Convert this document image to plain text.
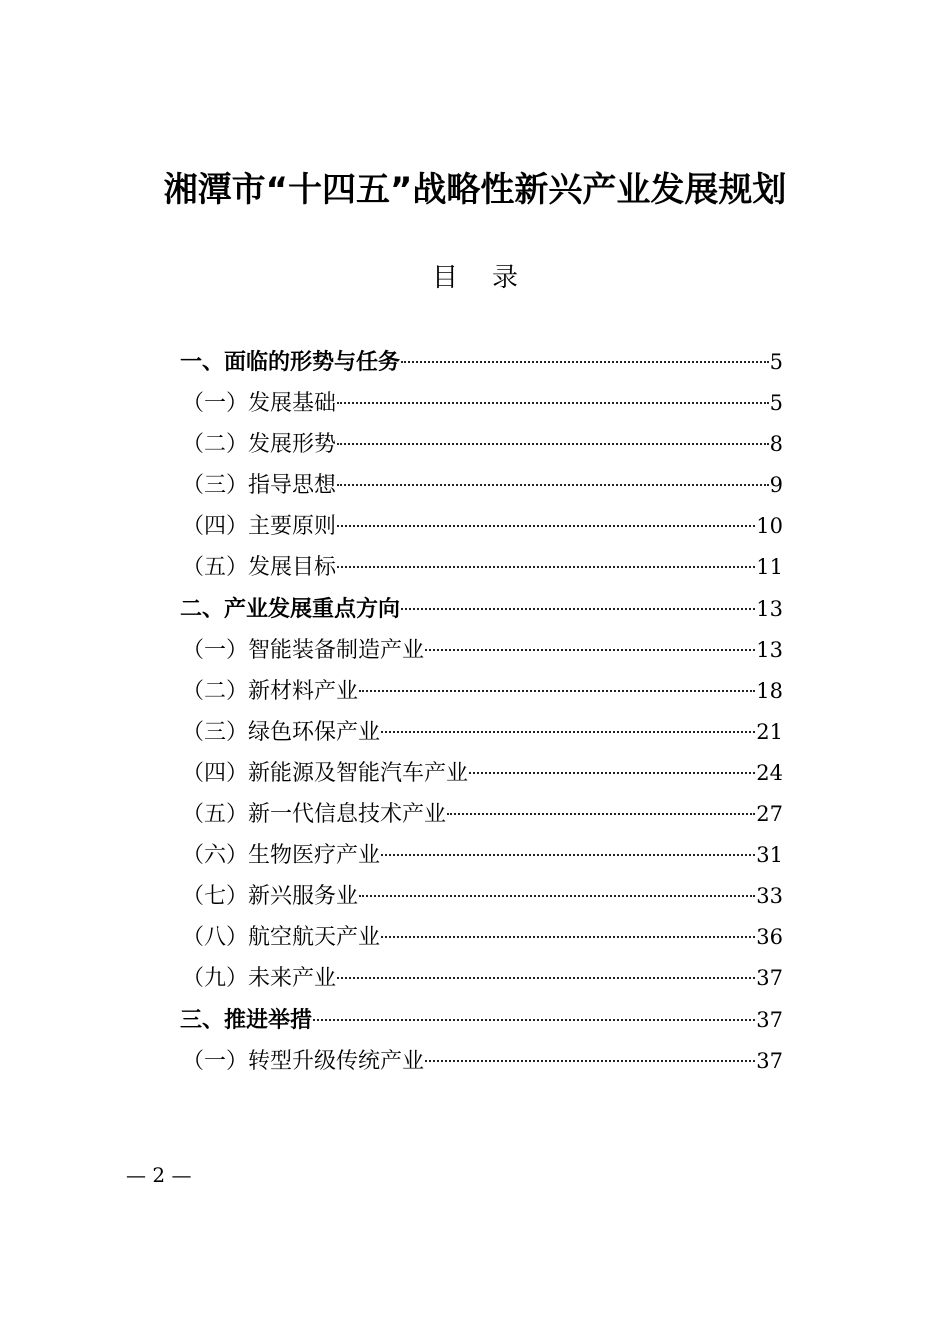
湘潭市“十四五”战略性新兴产业发展规划
目 录
一、面临的形势与任务	5
（一）发展基础	5
（二）发展形势	8
（三）指导思想	9
（四）主要原则	10
（五）发展目标	11
二、产业发展重点方向	13
（一）智能装备制造产业	13
（二）新材料产业	18
（三）绿色环保产业	21
（四）新能源及智能汽车产业	24
（五）新一代信息技术产业	27
（六）生物医疗产业	31
（七）新兴服务业	33
（八）航空航天产业	36
（九）未来产业	37
三、推进举措	37
（一）转型升级传统产业	37
— 2 —
